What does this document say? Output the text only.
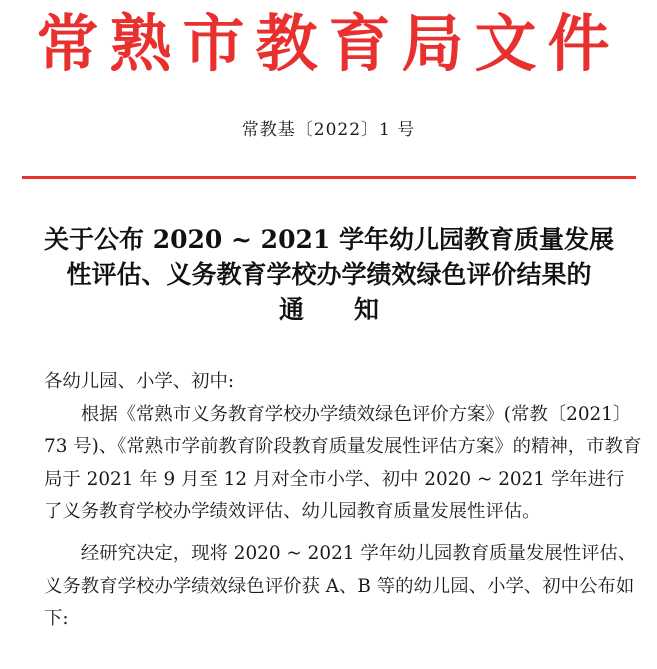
常熟市教育局文件
常教基〔2022〕1 号
关于公布 2020 ~ 2021 学年幼儿园教育质量发展
性评估、义务教育学校办学绩效绿色评价结果的
通　　知

各幼儿园、小学、初中:

根据《常熟市义务教育学校办学绩效绿色评价方案》(常教〔2021〕73 号)、《常熟市学前教育阶段教育质量发展性评估方案》的精神，市教育局于 2021 年 9 月至 12 月对全市小学、初中 2020 ~ 2021 学年进行了义务教育学校办学绩效评估、幼儿园教育质量发展性评估。

经研究决定，现将 2020 ~ 2021 学年幼儿园教育质量发展性评估、义务教育学校办学绩效绿色评价获 A、B 等的幼儿园、小学、初中公布如下:
